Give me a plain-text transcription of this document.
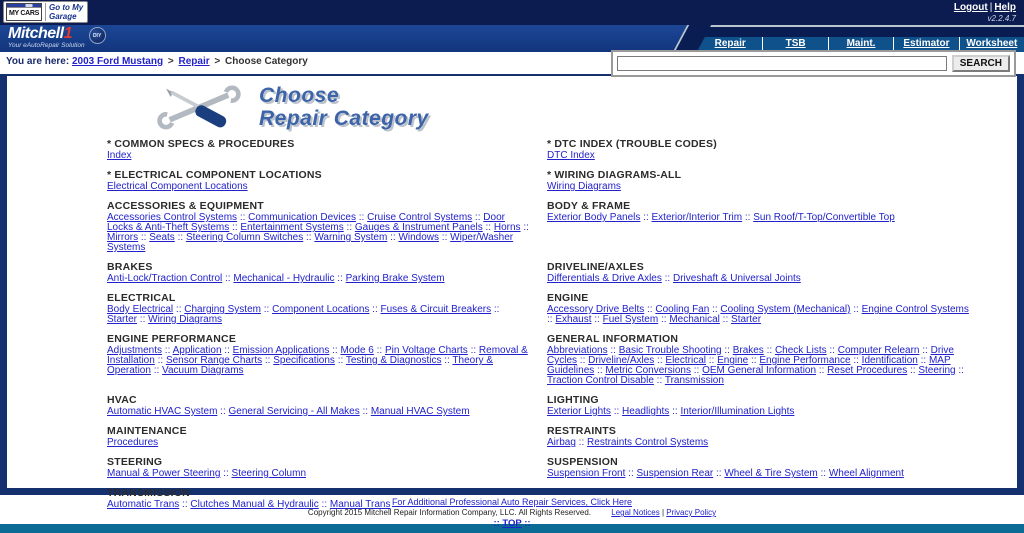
MY CARS
Go to My
Garage
Logout | Help
v2.2.4.7
Mitchell1
Your eAutoRepair Solution
DIY
Repair	TSB	Maint.	Estimator	Worksheet
You are here: 2003 Ford Mustang > Repair > Choose Category	SEARCH
Choose
Repair Category
* COMMON SPECS & PROCEDURES
Index
* DTC INDEX (TROUBLE CODES)
DTC Index
* ELECTRICAL COMPONENT LOCATIONS
Electrical Component Locations
* WIRING DIAGRAMS-ALL
Wiring Diagrams
ACCESSORIES & EQUIPMENT
Accessories Control Systems :: Communication Devices :: Cruise Control Systems :: Door Locks & Anti-Theft Systems :: Entertainment Systems :: Gauges & Instrument Panels :: Horns :: Mirrors :: Seats :: Steering Column Switches :: Warning System :: Windows :: Wiper/Washer Systems
BODY & FRAME
Exterior Body Panels :: Exterior/Interior Trim :: Sun Roof/T-Top/Convertible Top
BRAKES
Anti-Lock/Traction Control :: Mechanical - Hydraulic :: Parking Brake System
DRIVELINE/AXLES
Differentials & Drive Axles :: Driveshaft & Universal Joints
ELECTRICAL
Body Electrical :: Charging System :: Component Locations :: Fuses & Circuit Breakers :: Starter :: Wiring Diagrams
ENGINE
Accessory Drive Belts :: Cooling Fan :: Cooling System (Mechanical) :: Engine Control Systems :: Exhaust :: Fuel System :: Mechanical :: Starter
ENGINE PERFORMANCE
Adjustments :: Application :: Emission Applications :: Mode 6 :: Pin Voltage Charts :: Removal & Installation :: Sensor Range Charts :: Specifications :: Testing & Diagnostics :: Theory & Operation :: Vacuum Diagrams
GENERAL INFORMATION
Abbreviations :: Basic Trouble Shooting :: Brakes :: Check Lists :: Computer Relearn :: Drive Cycles :: Driveline/Axles :: Electrical :: Engine :: Engine Performance :: Identification :: MAP Guidelines :: Metric Conversions :: OEM General Information :: Reset Procedures :: Steering :: Traction Control Disable :: Transmission
HVAC
Automatic HVAC System :: General Servicing - All Makes :: Manual HVAC System
LIGHTING
Exterior Lights :: Headlights :: Interior/Illumination Lights
MAINTENANCE
Procedures
RESTRAINTS
Airbag :: Restraints Control Systems
STEERING
Manual & Power Steering :: Steering Column
SUSPENSION
Suspension Front :: Suspension Rear :: Wheel & Tire System :: Wheel Alignment
TRANSMISSION
Automatic Trans :: Clutches Manual & Hydraulic :: Manual Trans For Additional Professional Auto Repair Services, Click Here
Copyright 2015 Mitchell Repair Information Company, LLC. All Rights Reserved.	Legal Notices | Privacy Policy
:: TOP ::
